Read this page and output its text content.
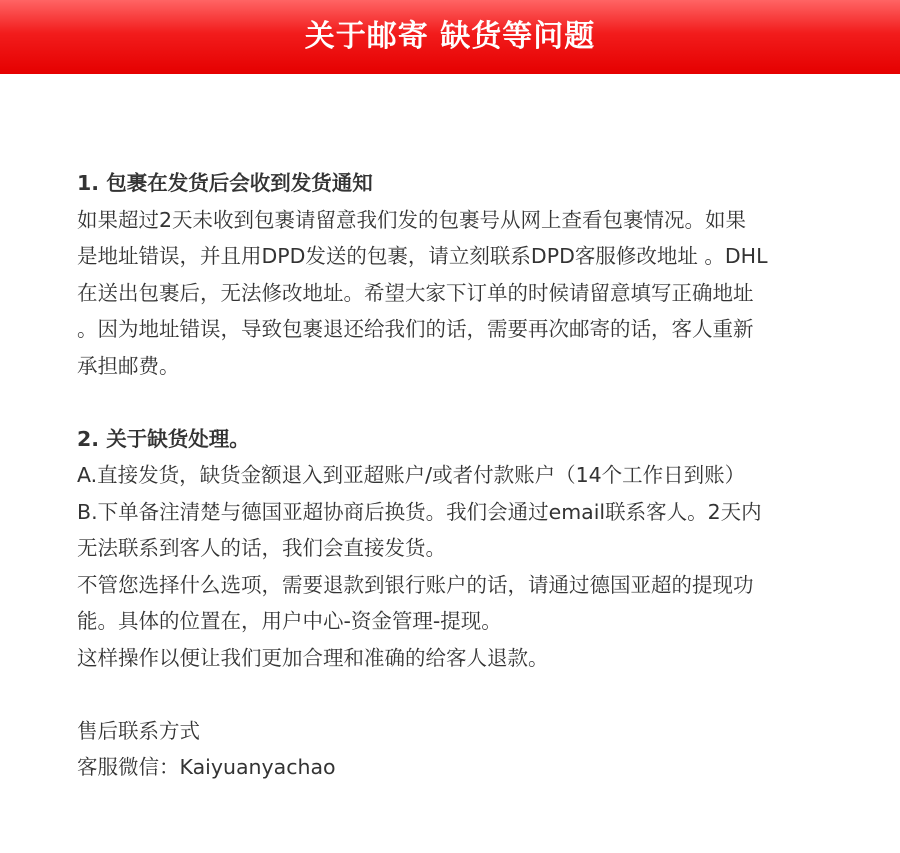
关于邮寄 缺货等问题

1. 包裹在发货后会收到发货通知

如果超过2天未收到包裹请留意我们发的包裹号从网上查看包裹情况。如果

是地址错误，并且用DPD发送的包裹，请立刻联系DPD客服修改地址 。DHL

在送出包裹后，无法修改地址。希望大家下订单的时候请留意填写正确地址

。因为地址错误，导致包裹退还给我们的话，需要再次邮寄的话，客人重新

承担邮费。

2. 关于缺货处理。

A.直接发货，缺货金额退入到亚超账户/或者付款账户（14个工作日到账）

B.下单备注清楚与德国亚超协商后换货。我们会通过email联系客人。2天内

无法联系到客人的话，我们会直接发货。

不管您选择什么选项，需要退款到银行账户的话，请通过德国亚超的提现功

能。具体的位置在，用户中心-资金管理-提现。

这样操作以便让我们更加合理和准确的给客人退款。

售后联系方式

客服微信：Kaiyuanyachao
